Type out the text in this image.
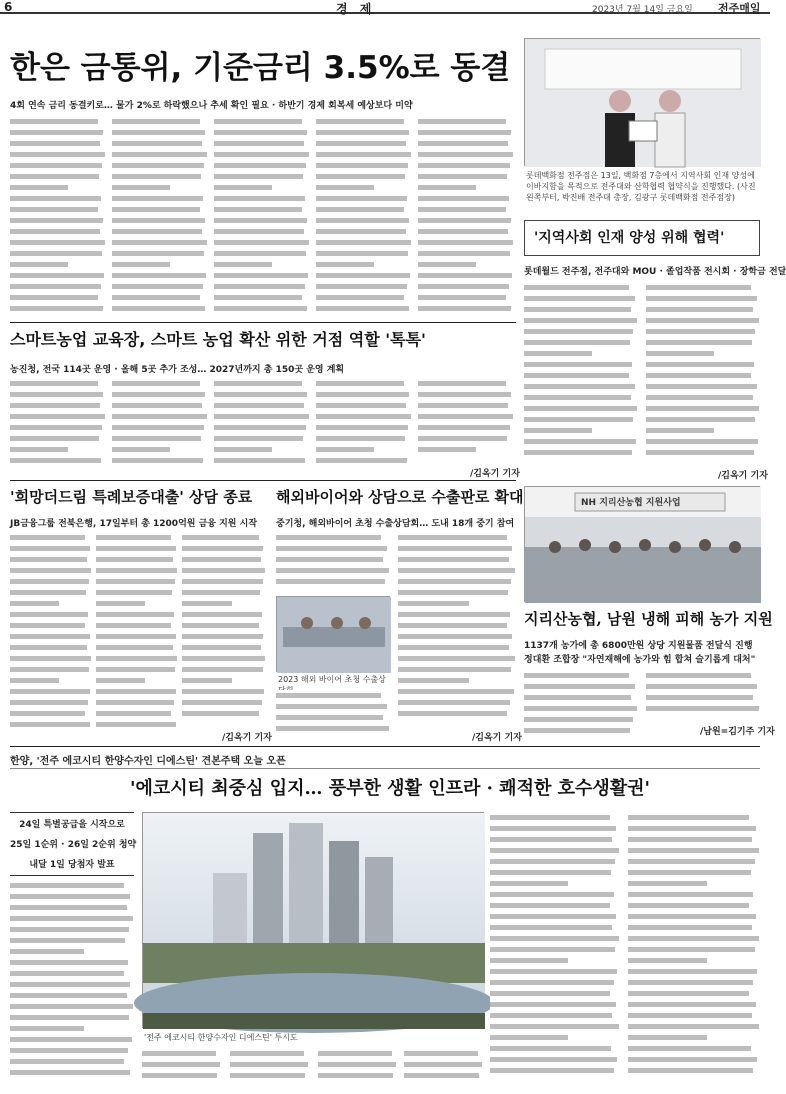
6	경 제	2023년 7월 14일 금요일 전주매일
한은 금통위, 기준금리 3.5%로 동결
4회 연속 금리 동결키로… 물가 2%로 하락했으나 추세 확인 필요 · 하반기 경제 회복세 예상보다 미약
스마트농업 교육장, 스마트 농업 확산 위한 거점 역할 '톡톡'
농진청, 전국 114곳 운영 · 올해 5곳 추가 조성… 2027년까지 총 150곳 운영 계획
/김옥기 기자
롯데백화점 전주점은 13일, 백화점 7층에서 지역사회 인재 양성에 이바지함을 목적으로 전주대와 산학협력 협약식을 진행했다. (사진 왼쪽부터, 박진배 전주대 총장, 김광구 롯데백화점 전주점장)
'지역사회 인재 양성 위해 협력'
롯데월드 전주점, 전주대와 MOU · 졸업작품 전시회 · 장학금 전달
/김옥기 기자
'희망더드림 특례보증대출' 상담 종료
JB금융그룹 전북은행, 17일부터 총 1200억원 금융 지원 시작
/김옥기 기자
해외바이어와 상담으로 수출판로 확대
중기청, 해외바이어 초청 수출상담회… 도내 18개 중기 참여
2023 해외 바이어 초청 수출상
/김옥기 기자
NH 지리산농협 지원사업
지리산농협, 남원 냉해 피해 농가 지원
1137개 농가에 총 6800만원 상당 지원물품 전달식 진행
정대환 조합장 "자연재해에 농가와 힘 합쳐 슬기롭게 대처"
/남원=김기주 기자
한양, '전주 에코시티 한양수자인 디에스틴' 견본주택 오늘 오픈
'에코시티 최중심 입지… 풍부한 생활 인프라 · 쾌적한 호수생활권'
24일 특별공급을 시작으로
25일 1순위 · 26일 2순위 청약
내달 1일 당첨자 발표
'전주 에코시티 한양수자인 디에스틴' 투시도
